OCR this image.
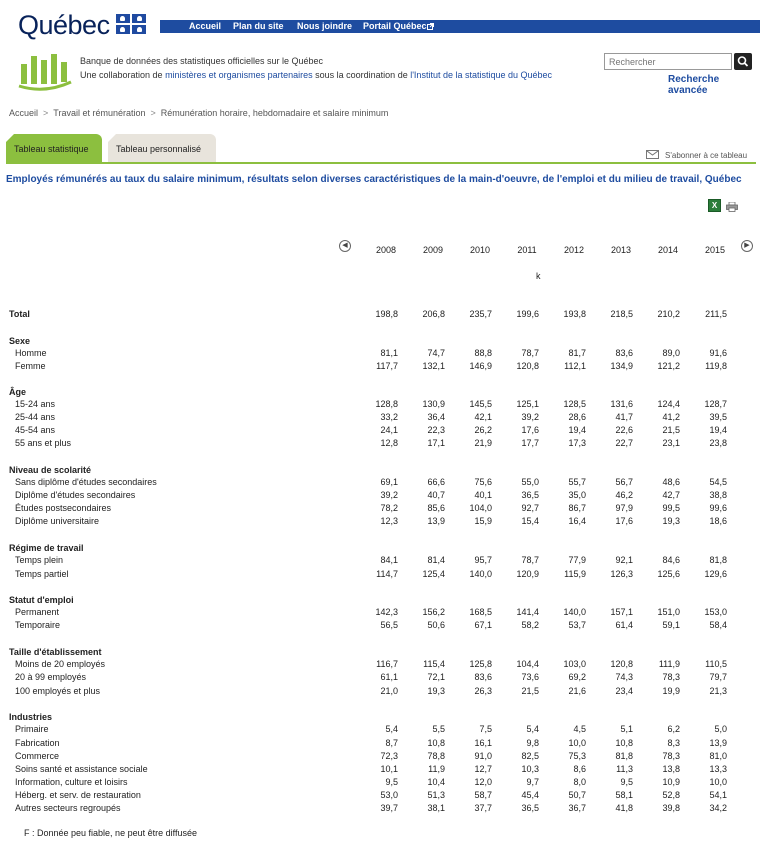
Québec	Accueil Plan du site Nous joindre Portail Québec
Banque de données des statistiques officielles sur le Québec
Une collaboration de ministères et organismes partenaires sous la coordination de l'Institut de la statistique du Québec
Rechercher	Recherche avancée
Accueil > Travail et rémunération > Rémunération horaire, hebdomadaire et salaire minimum
Tableau statistique	Tableau personnalisé
S'abonner à ce tableau
Employés rémunérés au taux du salaire minimum, résultats selon diverses caractéristiques de la main-d'oeuvre, de l'emploi et du milieu de travail, Québec
X
◀	▶
2008	2009	2010	2011	2012	2013	2014	2015
k
Total	198,8	206,8	235,7	199,6	193,8	218,5	210,2	211,5
Sexe
Homme	81,1	74,7	88,8	78,7	81,7	83,6	89,0	91,6
Femme	117,7	132,1	146,9	120,8	112,1	134,9	121,2	119,8
Âge
15-24 ans	128,8	130,9	145,5	125,1	128,5	131,6	124,4	128,7
25-44 ans	33,2	36,4	42,1	39,2	28,6	41,7	41,2	39,5
45-54 ans	24,1	22,3	26,2	17,6	19,4	22,6	21,5	19,4
55 ans et plus	12,8	17,1	21,9	17,7	17,3	22,7	23,1	23,8
Niveau de scolarité
Sans diplôme d'études secondaires	69,1	66,6	75,6	55,0	55,7	56,7	48,6	54,5
Diplôme d'études secondaires	39,2	40,7	40,1	36,5	35,0	46,2	42,7	38,8
Études postsecondaires	78,2	85,6	104,0	92,7	86,7	97,9	99,5	99,6
Diplôme universitaire	12,3	13,9	15,9	15,4	16,4	17,6	19,3	18,6
Régime de travail
Temps plein	84,1	81,4	95,7	78,7	77,9	92,1	84,6	81,8
Temps partiel	114,7	125,4	140,0	120,9	115,9	126,3	125,6	129,6
Statut d'emploi
Permanent	142,3	156,2	168,5	141,4	140,0	157,1	151,0	153,0
Temporaire	56,5	50,6	67,1	58,2	53,7	61,4	59,1	58,4
Taille d'établissement
Moins de 20 employés	116,7	115,4	125,8	104,4	103,0	120,8	111,9	110,5
20 à 99 employés	61,1	72,1	83,6	73,6	69,2	74,3	78,3	79,7
100 employés et plus	21,0	19,3	26,3	21,5	21,6	23,4	19,9	21,3
Industries
Primaire	5,4	5,5	7,5	5,4	4,5	5,1	6,2	5,0
Fabrication	8,7	10,8	16,1	9,8	10,0	10,8	8,3	13,9
Commerce	72,3	78,8	91,0	82,5	75,3	81,8	78,3	81,0
Soins santé et assistance sociale	10,1	11,9	12,7	10,3	8,6	11,3	13,8	13,3
Information, culture et loisirs	9,5	10,4	12,0	9,7	8,0	9,5	10,9	10,0
Héberg. et serv. de restauration	53,0	51,3	58,7	45,4	50,7	58,1	52,8	54,1
Autres secteurs regroupés	39,7	38,1	37,7	36,5	36,7	41,8	39,8	34,2
F : Donnée peu fiable, ne peut être diffusée
